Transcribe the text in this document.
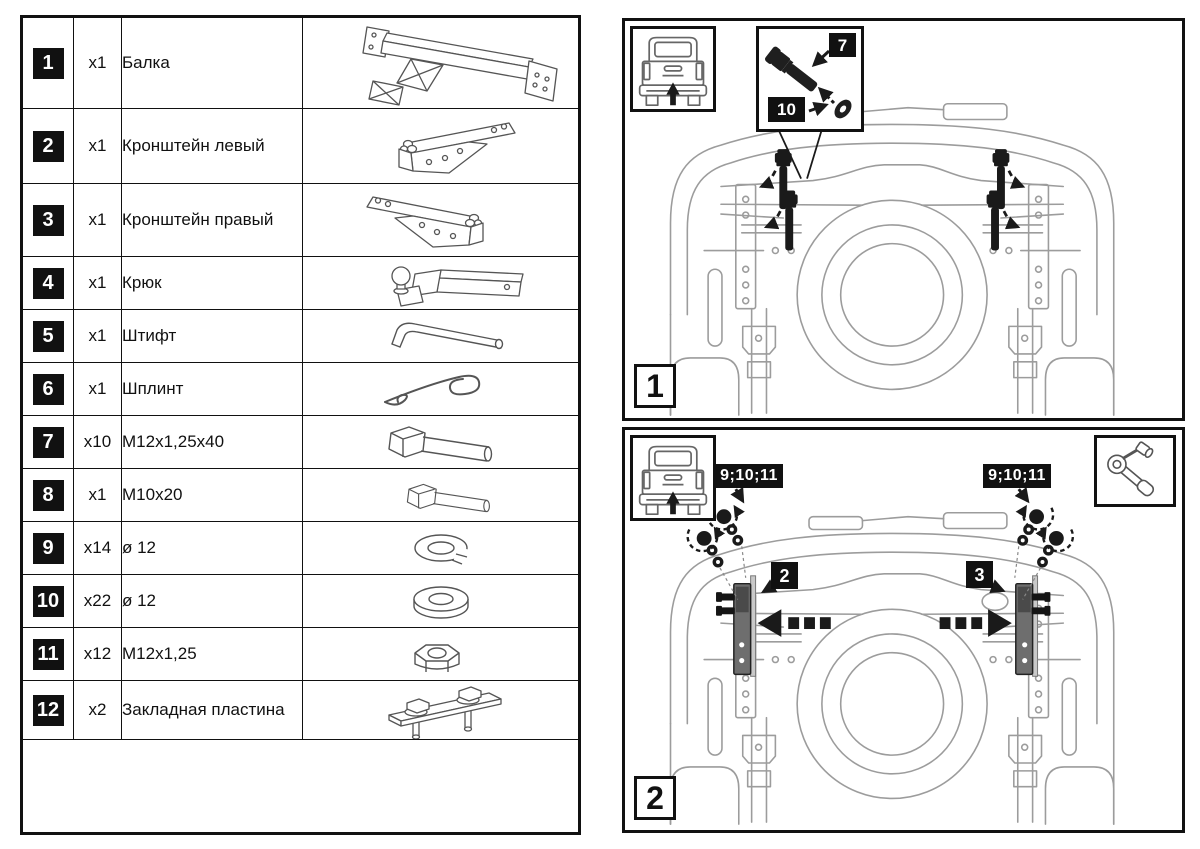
1	x1	Балка	

2	x1	Кронштейн левый	

3	x1	Кронштейн правый	

4	x1	Крюк	

5	x1	Штифт	

6	x1	Шплинт	

7	x10	M12x1,25x40	

8	x1	M10x20	

9	x14	ø 12	

10	x22	ø 12	

11	x12	M12x1,25	

12	x2	Закладная пластина	

7
10
1
9;10;11	9;10;11
2	3
2
